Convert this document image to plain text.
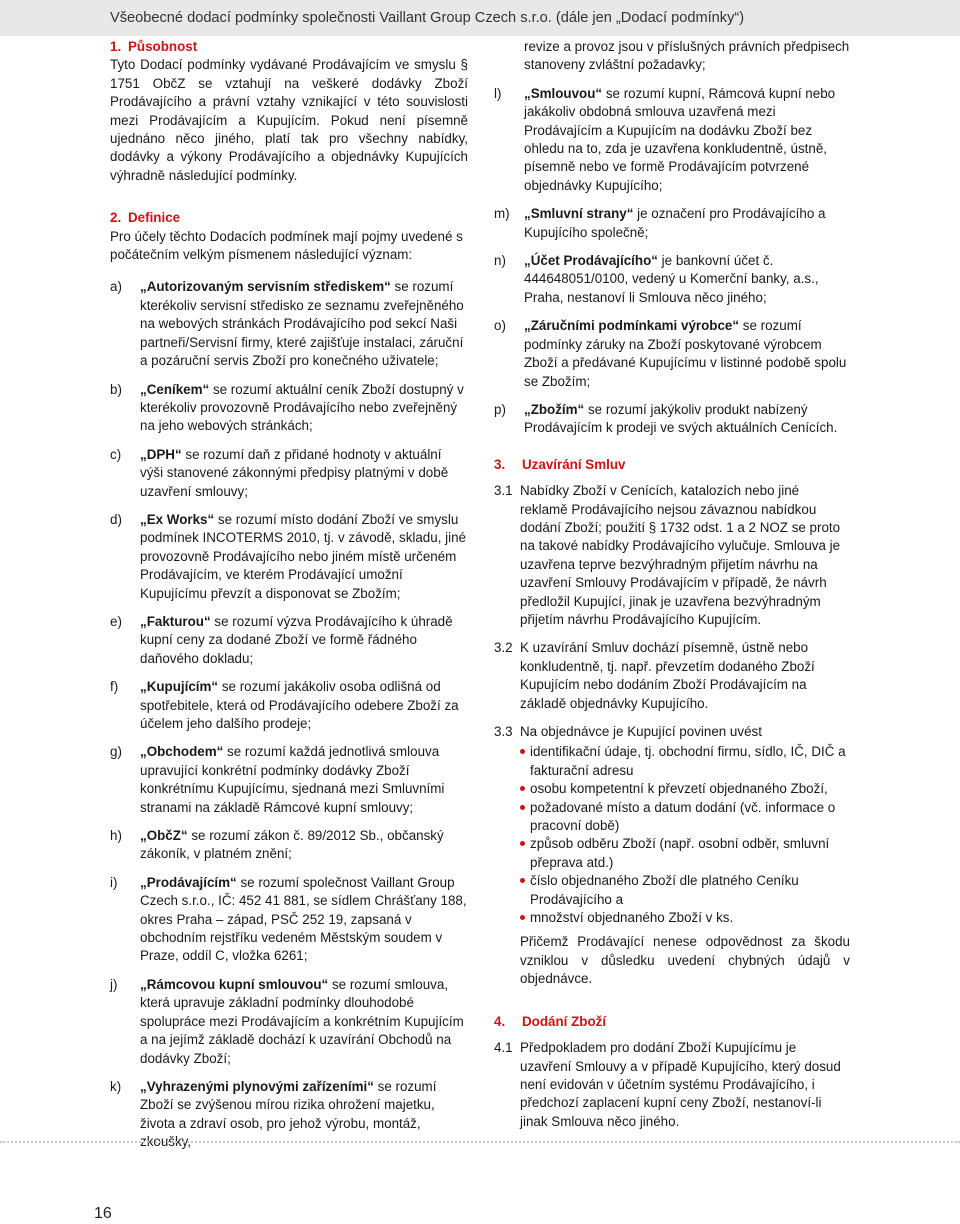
Všeobecné dodací podmínky společnosti Vaillant Group Czech s.r.o. (dále jen „Dodací podmínky“)

1. Působnost

Tyto Dodací podmínky vydávané Prodávajícím ve smyslu § 1751 ObčZ se vztahují na veškeré dodávky Zboží Prodávajícího a právní vztahy vznikající v této souvislosti mezi Prodávajícím a Kupujícím. Pokud není písemně ujednáno něco jiného, platí tak pro všechny nabídky, dodávky a výkony Prodávajícího a objednávky Kupujících výhradně následující podmínky.

2. Definice

Pro účely těchto Dodacích podmínek mají pojmy uvedené s počátečním velkým písmenem následující význam:

a)	„Autorizovaným servisním střediskem“ se rozumí kterékoliv servisní středisko ze seznamu zveřejněného na webových stránkách Prodávajícího pod sekcí Naši partneři/Servisní firmy, které zajišťuje instalaci, záruční a pozáruční servis Zboží pro konečného uživatele;
b)	„Ceníkem“ se rozumí aktuální ceník Zboží dostupný v kterékoliv provozovně Prodávajícího nebo zveřejněný na jeho webových stránkách;
c)	„DPH“ se rozumí daň z přidané hodnoty v aktuální výši stanovené zákonnými předpisy platnými v době uzavření smlouvy;
d)	„Ex Works“ se rozumí místo dodání Zboží ve smyslu podmínek INCOTERMS 2010, tj. v závodě, skladu, jiné provozovně Prodávajícího nebo jiném místě určeném Prodávajícím, ve kterém Prodávající umožní Kupujícímu převzít a disponovat se Zbožím;
e)	„Fakturou“ se rozumí výzva Prodávajícího k úhradě kupní ceny za dodané Zboží ve formě řádného daňového dokladu;
f)	„Kupujícím“ se rozumí jakákoliv osoba odlišná od spotřebitele, která od Prodávajícího odebere Zboží za účelem jeho dalšího prodeje;
g)	„Obchodem“ se rozumí každá jednotlivá smlouva upravující konkrétní podmínky dodávky Zboží konkrétnímu Kupujícímu, sjednaná mezi Smluvními stranami na základě Rámcové kupní smlouvy;
h)	„ObčZ“ se rozumí zákon č. 89/2012 Sb., občanský zákoník, v platném znění;
i)	„Prodávajícím“ se rozumí společnost Vaillant Group Czech s.r.o., IČ: 452 41 881, se sídlem Chrášťany 188, okres Praha – západ, PSČ 252 19, zapsaná v obchodním rejstříku vedeném Městským soudem v Praze, oddíl C, vložka 6261;
j)	„Rámcovou kupní smlouvou“ se rozumí smlouva, která upravuje základní podmínky dlouhodobé spolupráce mezi Prodávajícím a konkrétním Kupujícím a na jejímž základě dochází k uzavírání Obchodů na dodávky Zboží;
k)	„Vyhrazenými plynovými zařízeními“ se rozumí Zboží se zvýšenou mírou rizika ohrožení majetku, života a zdraví osob, pro jehož výrobu, montáž, zkoušky,
revize a provoz jsou v příslušných právních předpisech stanoveny zvláštní požadavky;
l)	„Smlouvou“ se rozumí kupní, Rámcová kupní nebo jakákoliv obdobná smlouva uzavřená mezi Prodávajícím a Kupujícím na dodávku Zboží bez ohledu na to, zda je uzavřena konkludentně, ústně, písemně nebo ve formě Prodávajícím potvrzené objednávky Kupujícího;
m)	„Smluvní strany“ je označení pro Prodávajícího a Kupujícího společně;
n)	„Účet Prodávajícího“ je bankovní účet č. 444648051/0100, vedený u Komerční banky, a.s., Praha, nestanoví li Smlouva něco jiného;
o)	„Záručními podmínkami výrobce“ se rozumí podmínky záruky na Zboží poskytované výrobcem Zboží a předávané Kupujícímu v listinné podobě spolu se Zbožím;
p)	„Zbožím“ se rozumí jakýkoliv produkt nabízený Prodávajícím k prodeji ve svých aktuálních Cenících.

3. Uzavírání Smluv

3.1 Nabídky Zboží v Cenících, katalozích nebo jiné reklamě Prodávajícího nejsou závaznou nabídkou dodání Zboží; použití § 1732 odst. 1 a 2 NOZ se proto na takové nabídky Prodávajícího vylučuje. Smlouva je uzavřena teprve bezvýhradným přijetím návrhu na uzavření Smlouvy Prodávajícím v případě, že návrh předložil Kupující, jinak je uzavřena bezvýhradným přijetím návrhu Prodávajícího Kupujícím.
3.2 K uzavírání Smluv dochází písemně, ústně nebo konkludentně, tj. např. převzetím dodaného Zboží Kupujícím nebo dodáním Zboží Prodávajícím na základě objednávky Kupujícího.
3.3 Na objednávce je Kupující povinen uvést

identifikační údaje, tj. obchodní firmu, sídlo, IČ, DIČ a fakturační adresu
osobu kompetentní k převzetí objednaného Zboží,
požadované místo a datum dodání (vč. informace o pracovní době)
způsob odběru Zboží (např. osobní odběr, smluvní přeprava atd.)
číslo objednaného Zboží dle platného Ceníku Prodávajícího a
množství objednaného Zboží v ks.

Přičemž Prodávající nenese odpovědnost za škodu vzniklou v důsledku uvedení chybných údajů v objednávce.

4. Dodání Zboží

4.1 Předpokladem pro dodání Zboží Kupujícímu je uzavření Smlouvy a v případě Kupujícího, který dosud není evidován v účetním systému Prodávajícího, i předchozí zaplacení kupní ceny Zboží, nestanoví-li jinak Smlouva něco jiného.
16
